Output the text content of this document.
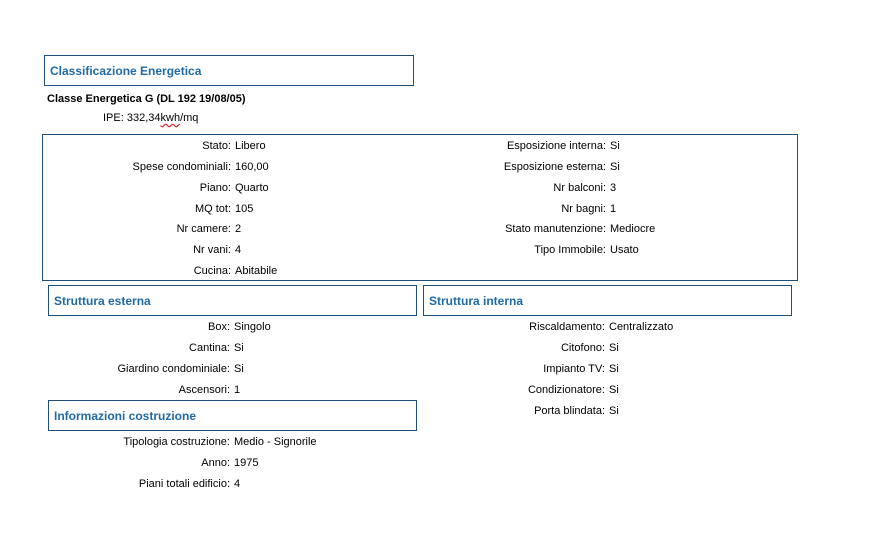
Classificazione Energetica
Classe Energetica G (DL 192 19/08/05)
IPE: 332,34kwh/mq
Stato: Libero
Spese condominiali: 160,00
Piano: Quarto
MQ tot: 105
Nr camere: 2
Nr vani: 4
Cucina: Abitabile
Esposizione interna: Si
Esposizione esterna: Si
Nr balconi: 3
Nr bagni: 1
Stato manutenzione: Mediocre
Tipo Immobile: Usato
Struttura esterna
Box: Singolo
Cantina: Si
Giardino condominiale: Si
Ascensori: 1
Struttura interna
Riscaldamento: Centralizzato
Citofono: Si
Impianto TV: Si
Condizionatore: Si
Porta blindata: Si
Informazioni costruzione
Tipologia costruzione: Medio - Signorile
Anno: 1975
Piani totali edificio: 4
